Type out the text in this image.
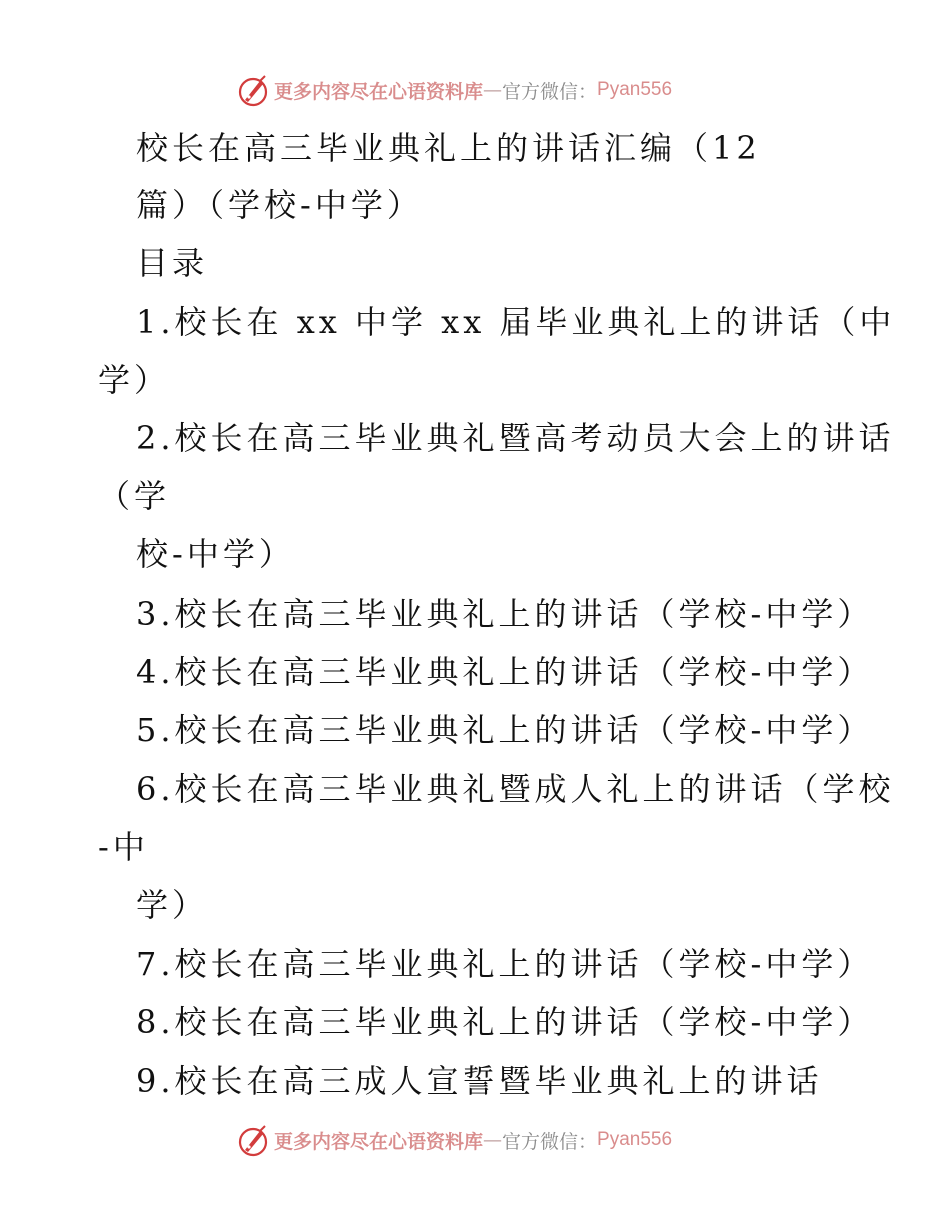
更多内容尽在心语资料库 — 官方微信： Pyan556
校长在高三毕业典礼上的讲话汇编（12
篇）（学校-中学）
目录
1.校长在 xx 中学 xx 届毕业典礼上的讲话（中
学）
2.校长在高三毕业典礼暨高考动员大会上的讲话
（学
校-中学）
3.校长在高三毕业典礼上的讲话（学校-中学）
4.校长在高三毕业典礼上的讲话（学校-中学）
5.校长在高三毕业典礼上的讲话（学校-中学）
6.校长在高三毕业典礼暨成人礼上的讲话（学校
-中
学）
7.校长在高三毕业典礼上的讲话（学校-中学）
8.校长在高三毕业典礼上的讲话（学校-中学）
9.校长在高三成人宣誓暨毕业典礼上的讲话
更多内容尽在心语资料库 — 官方微信： Pyan556
